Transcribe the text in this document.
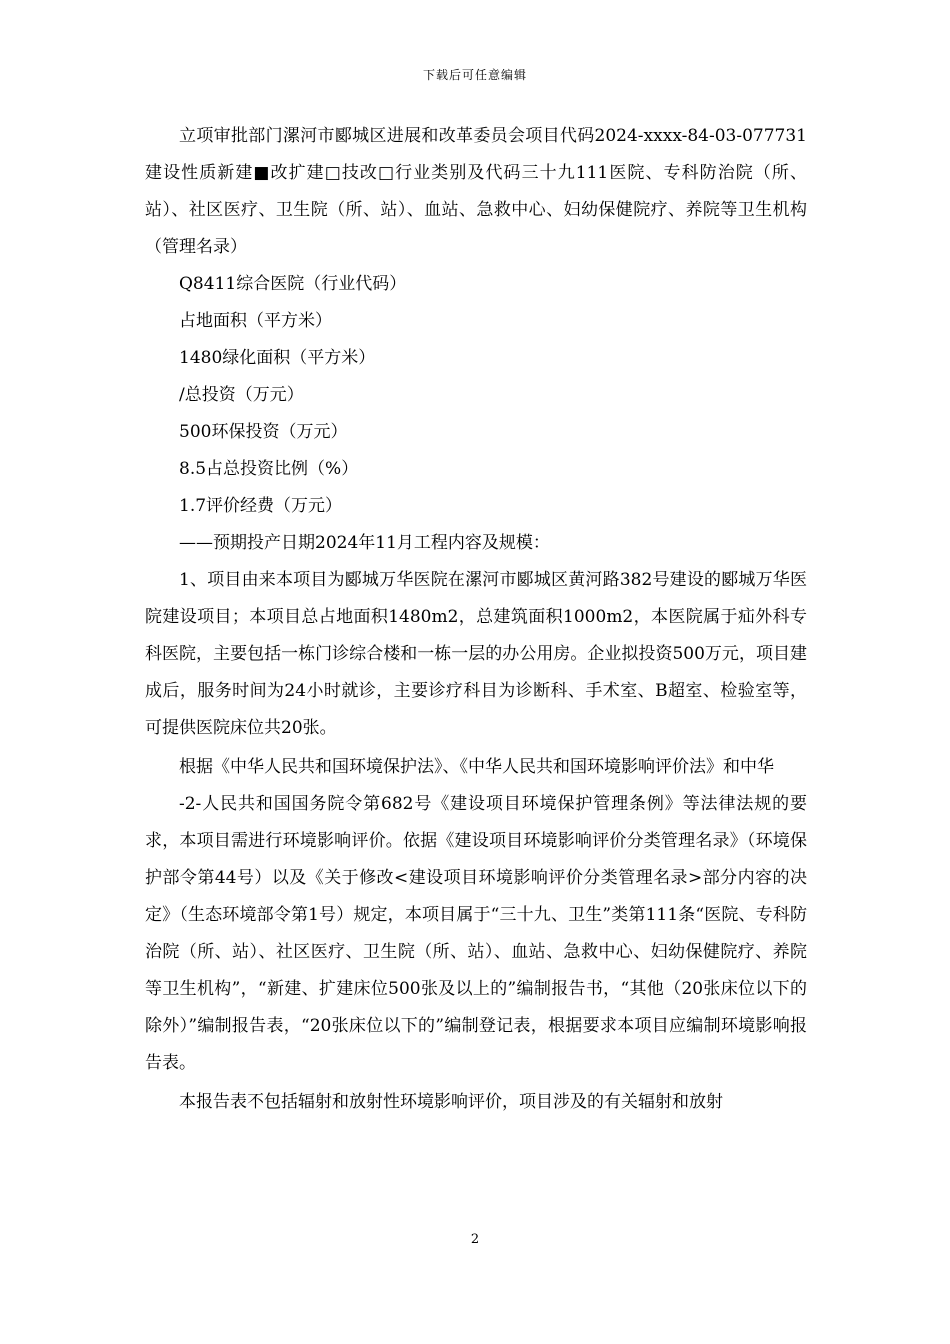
下载后可任意编辑

立项审批部门漯河市郾城区进展和改革委员会项目代码2024-xxxx-84-03-077731建设性质新建■改扩建□技改□行业类别及代码三十九111医院、专科防治院（所、站）、社区医疗、卫生院（所、站）、血站、急救中心、妇幼保健院疗、养院等卫生机构（管理名录）

Q8411综合医院（行业代码）

占地面积（平方米）

1480绿化面积（平方米）

/总投资（万元）

500环保投资（万元）

8.5占总投资比例（%）

1.7评价经费（万元）

——预期投产日期2024年11月工程内容及规模：

1、项目由来本项目为郾城万华医院在漯河市郾城区黄河路382号建设的郾城万华医院建设项目；本项目总占地面积1480m2，总建筑面积1000m2，本医院属于疝外科专科医院，主要包括一栋门诊综合楼和一栋一层的办公用房。企业拟投资500万元，项目建成后，服务时间为24小时就诊，主要诊疗科目为诊断科、手术室、B超室、检验室等，可提供医院床位共20张。

根据《中华人民共和国环境保护法》、《中华人民共和国环境影响评价法》和中华

-2-人民共和国国务院令第682号《建设项目环境保护管理条例》等法律法规的要求，本项目需进行环境影响评价。依据《建设项目环境影响评价分类管理名录》（环境保护部令第44号）以及《关于修改<建设项目环境影响评价分类管理名录>部分内容的决定》（生态环境部令第1号）规定，本项目属于“三十九、卫生”类第111条“医院、专科防治院（所、站）、社区医疗、卫生院（所、站）、血站、急救中心、妇幼保健院疗、养院等卫生机构”，“新建、扩建床位500张及以上的”编制报告书，“其他（20张床位以下的除外）”编制报告表，“20张床位以下的”编制登记表，根据要求本项目应编制环境影响报告表。

本报告表不包括辐射和放射性环境影响评价，项目涉及的有关辐射和放射

2
